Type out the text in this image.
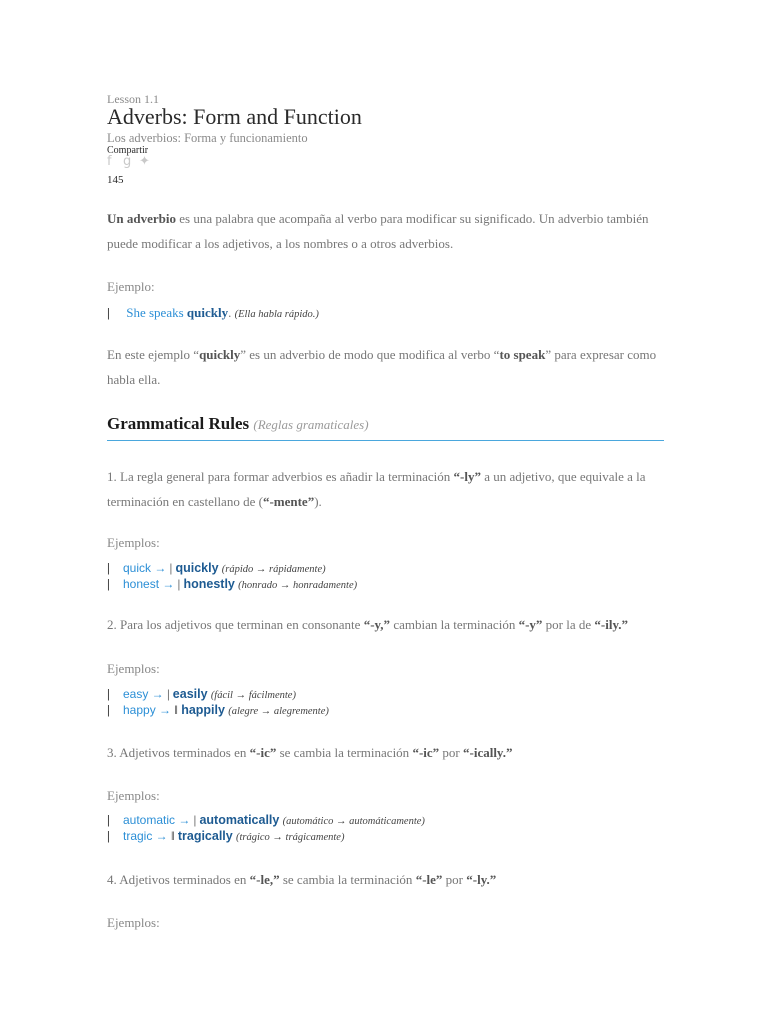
Lesson 1.1
Adverbs: Form and Function
Los adverbios: Forma y funcionamiento
Compartir
f g ✦
145
Un adverbio es una palabra que acompaña al verbo para modificar su significado. Un adverbio también puede modificar a los adjetivos, a los nombres o a otros adverbios.
Ejemplo:
| She speaks quickly. (Ella habla rápido.)
En este ejemplo “quickly” es un adverbio de modo que modifica al verbo “to speak” para expresar como habla ella.
Grammatical Rules (Reglas gramaticales)
1. La regla general para formar adverbios es añadir la terminación “-ly” a un adjetivo, que equivale a la terminación en castellano de (“-mente”).
Ejemplos:
| quick → | quickly (rápido → rápidamente)
| honest → | honestly (honrado → honradamente)
2. Para los adjetivos que terminan en consonante “-y,” cambian la terminación “-y” por la de “-ily.”
Ejemplos:
| easy → | easily (fácil → fácilmente)
| happy → ‖ happily (alegre → alegremente)
3. Adjetivos terminados en “-ic” se cambia la terminación “-ic” por “-ically.”
Ejemplos:
| automatic → | automatically (automático → automáticamente)
| tragic → ‖ tragically (trágico → trágicamente)
4. Adjetivos terminados en “-le,” se cambia la terminación “-le” por “-ly.”
Ejemplos:
